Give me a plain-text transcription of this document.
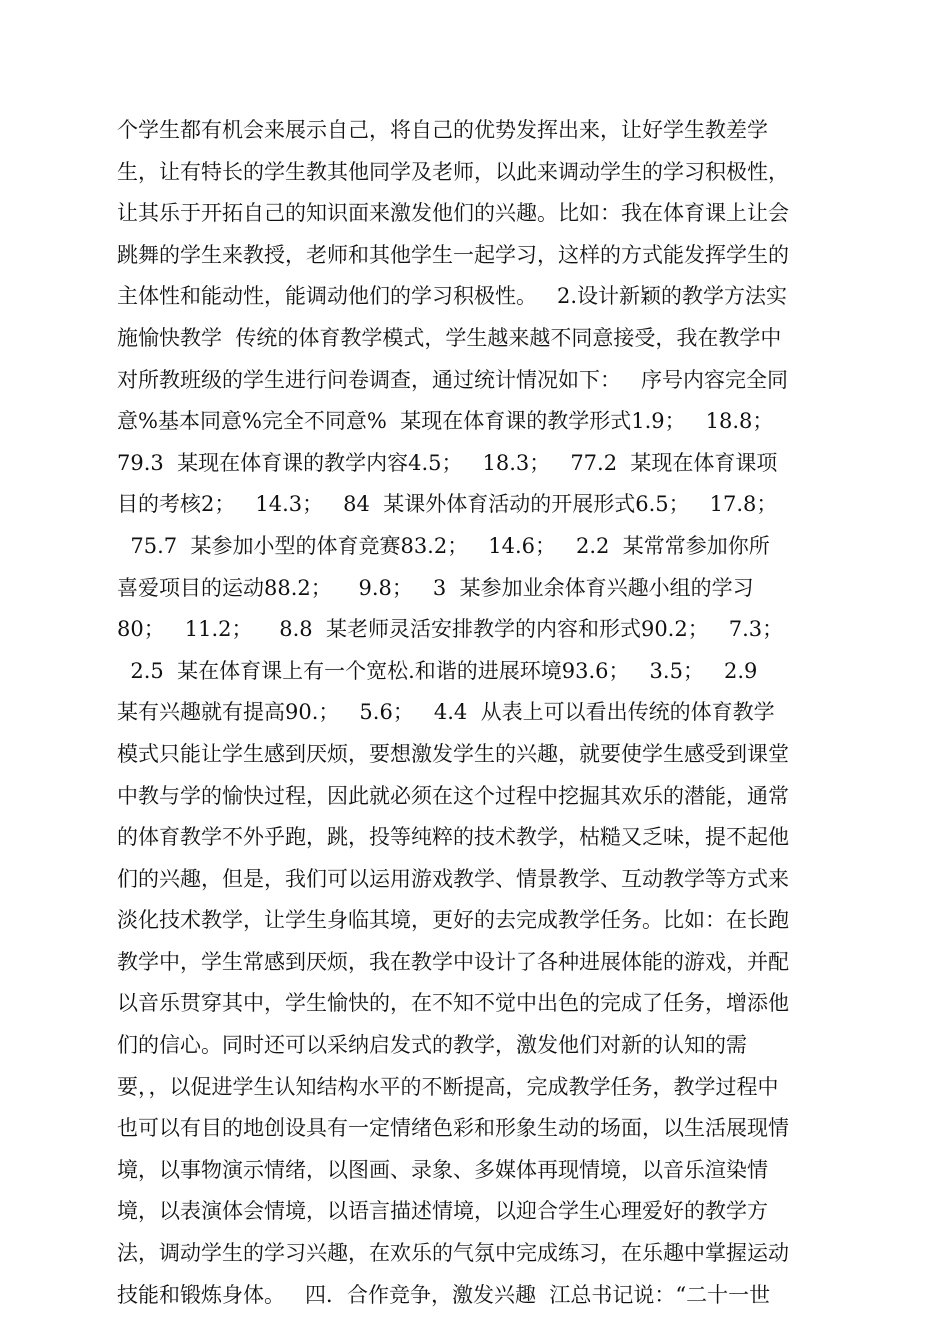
个学生都有机会来展示自己，将自己的优势发挥出来，让好学生教差学
生，让有特长的学生教其他同学及老师，以此来调动学生的学习积极性，
让其乐于开拓自己的知识面来激发他们的兴趣。比如：我在体育课上让会
跳舞的学生来教授，老师和其他学生一起学习，这样的方式能发挥学生的
主体性和能动性，能调动他们的学习积极性。   2.设计新颖的教学方法实
施愉快教学  传统的体育教学模式，学生越来越不同意接受，我在教学中
对所教班级的学生进行问卷调查，通过统计情况如下：   序号内容完全同
意%基本同意%完全不同意%  某现在体育课的教学形式1.9；   18.8；
79.3  某现在体育课的教学内容4.5；   18.3；   77.2  某现在体育课项
目的考核2；   14.3；   84  某课外体育活动的开展形式6.5；   17.8；
75.7  某参加小型的体育竞赛83.2；   14.6；   2.2  某常常参加你所
喜爱项目的运动88.2；    9.8；   3  某参加业余体育兴趣小组的学习
80；   11.2；    8.8  某老师灵活安排教学的内容和形式90.2；   7.3；
2.5  某在体育课上有一个宽松.和谐的进展环境93.6；   3.5；   2.9
某有兴趣就有提高90.；   5.6；   4.4  从表上可以看出传统的体育教学
模式只能让学生感到厌烦，要想激发学生的兴趣，就要使学生感受到课堂
中教与学的愉快过程，因此就必须在这个过程中挖掘其欢乐的潜能，通常
的体育教学不外乎跑，跳，投等纯粹的技术教学，枯糙又乏味，提不起他
们的兴趣，但是，我们可以运用游戏教学、情景教学、互动教学等方式来
淡化技术教学，让学生身临其境，更好的去完成教学任务。比如：在长跑
教学中，学生常感到厌烦，我在教学中设计了各种进展体能的游戏，并配
以音乐贯穿其中，学生愉快的，在不知不觉中出色的完成了任务，增添他
们的信心。同时还可以采纳启发式的教学，激发他们对新的认知的需
要，，以促进学生认知结构水平的不断提高，完成教学任务，教学过程中
也可以有目的地创设具有一定情绪色彩和形象生动的场面，以生活展现情
境，以事物演示情绪，以图画、录象、多媒体再现情境，以音乐渲染情
境，以表演体会情境，以语言描述情境，以迎合学生心理爱好的教学方
法，调动学生的学习兴趣，在欢乐的气氛中完成练习，在乐趣中掌握运动
技能和锻炼身体。   四．合作竞争，激发兴趣  江总书记说：“二十一世
